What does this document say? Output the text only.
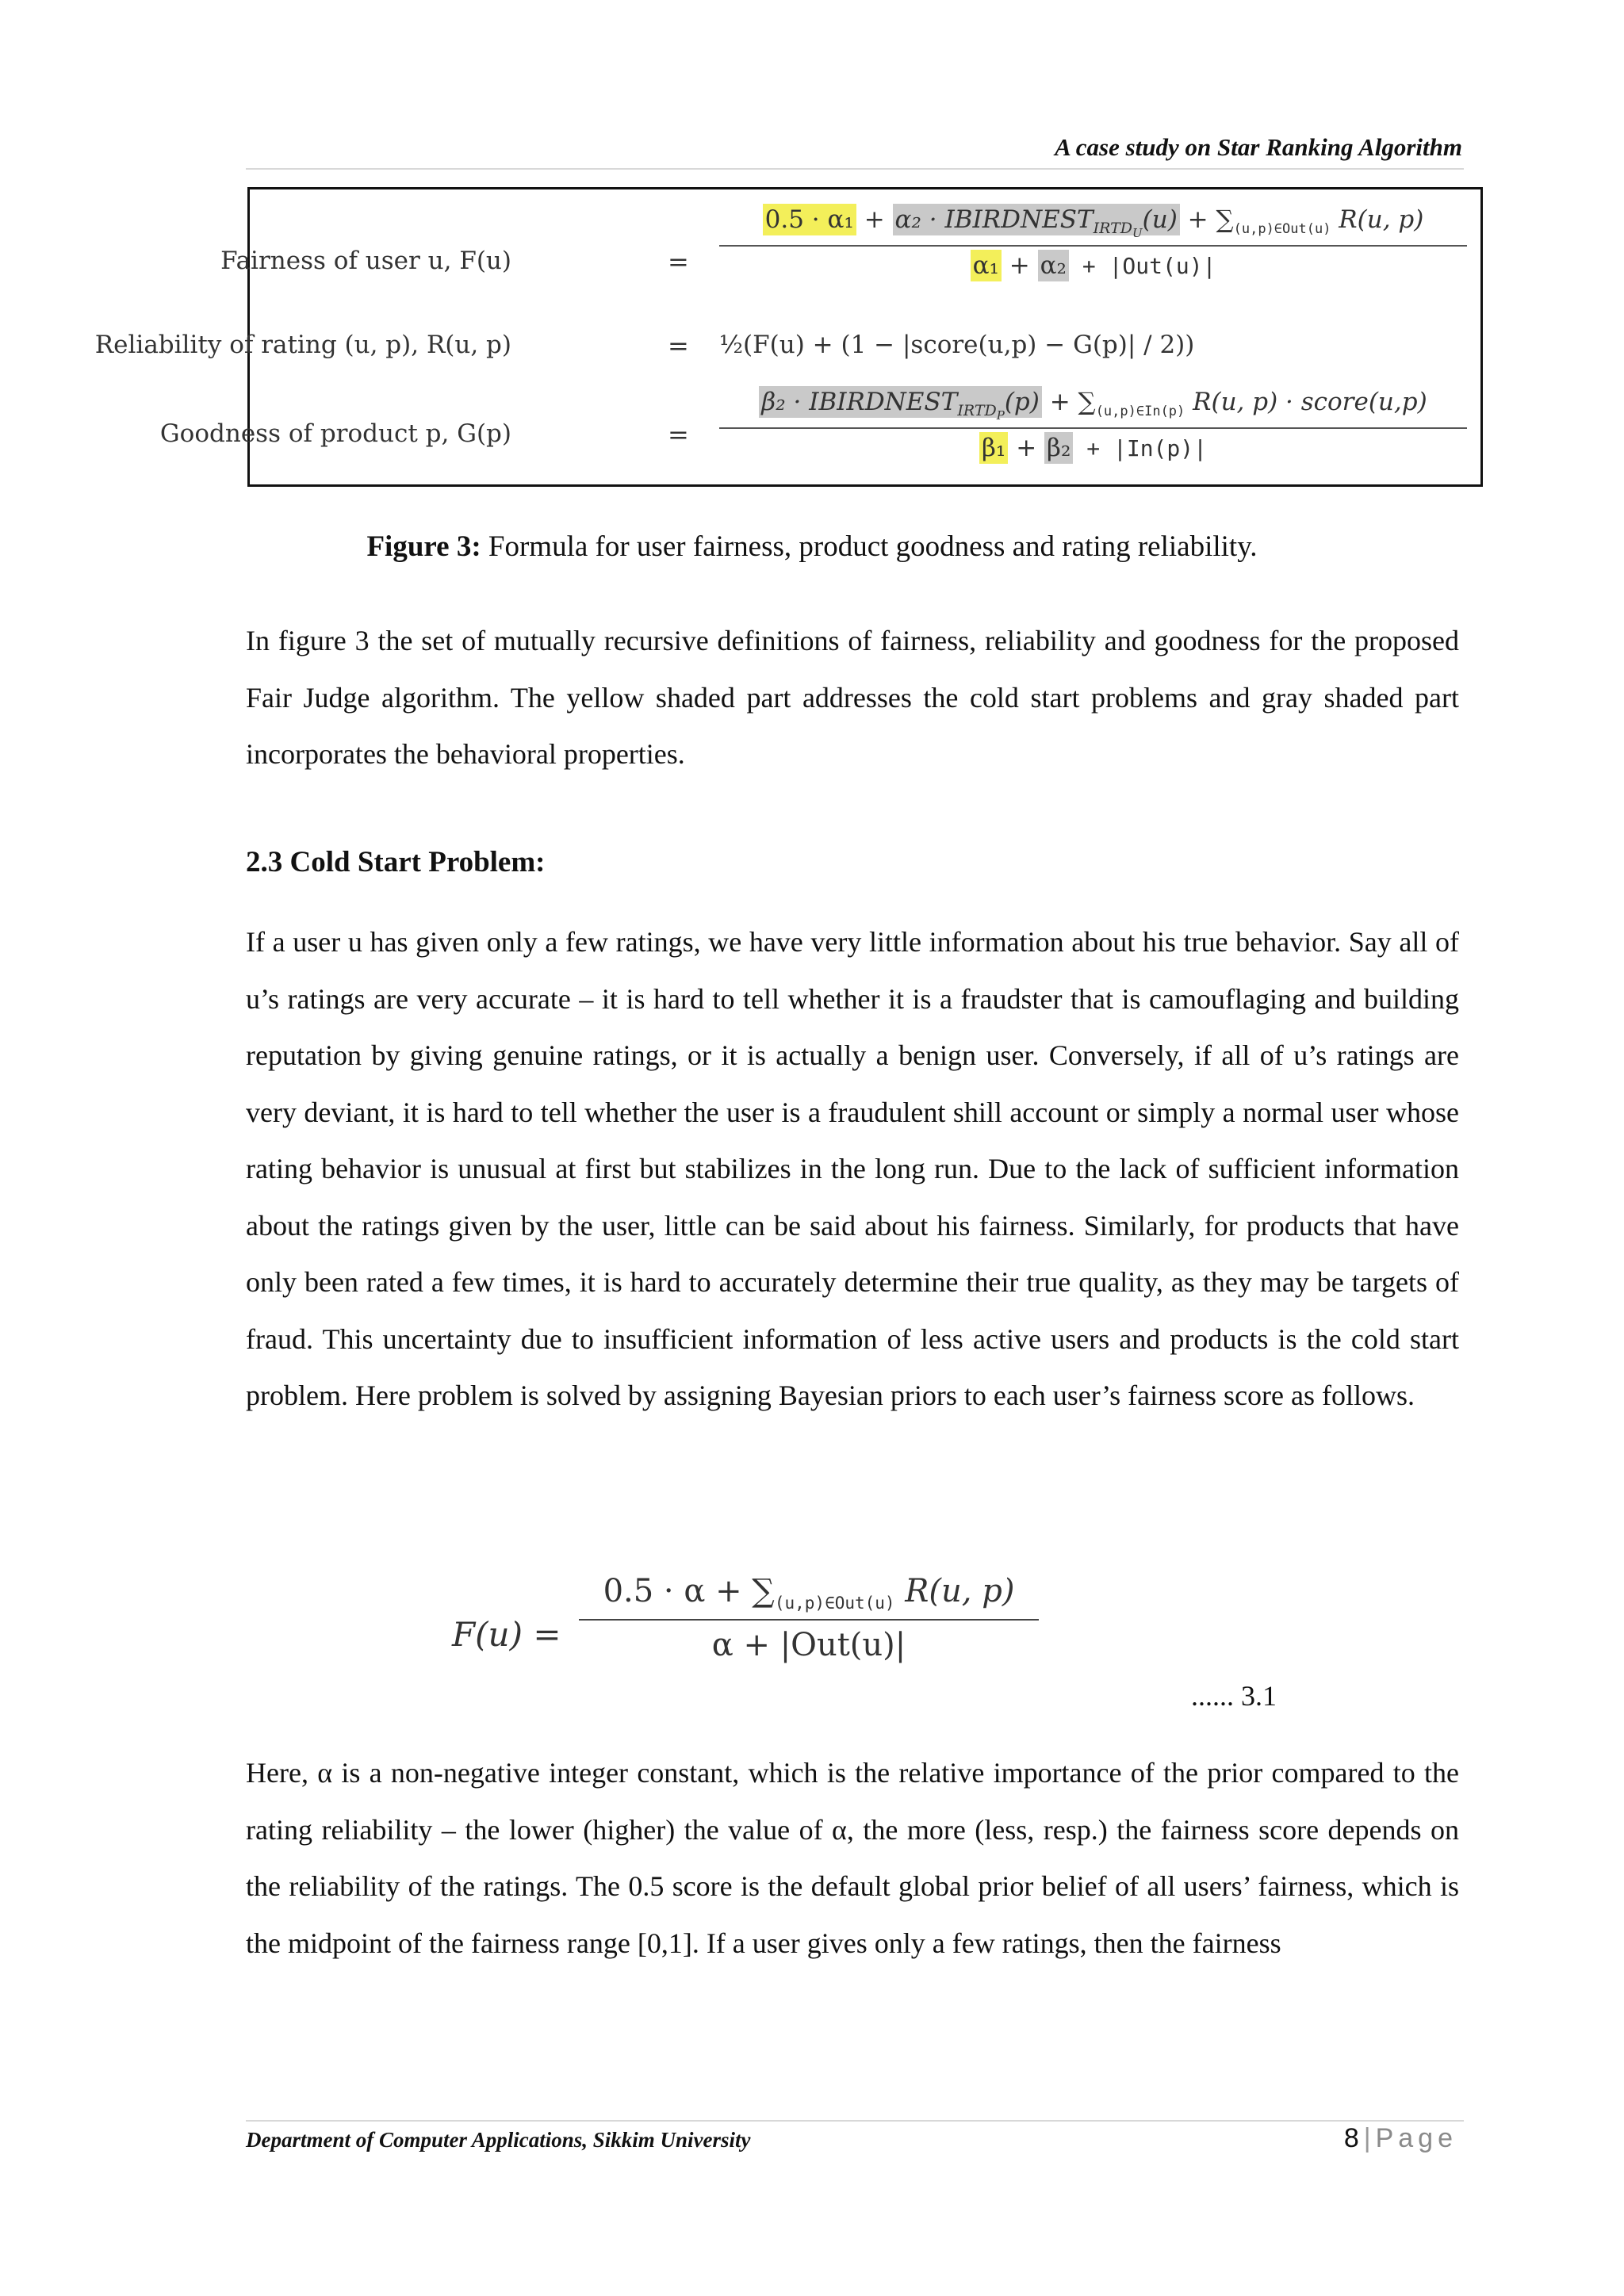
A case study on Star Ranking Algorithm
Fairness of user u, F(u)	=
$0.5 \cdot \alpha_1 + \alpha_2 \cdot IBIRDNEST_{IRTD_U}(u) + \sum_{(u,p)\in Out(u)}$ R(u, p)
α₁ + α₂ + |Out(u)|
Reliability of rating (u, p), R(u, p)	= ½(F(u) + (1 − |score(u,p) − G(p)| / 2))
Goodness of product p, G(p)	=
$\beta_2 \cdot IBIRDNEST_{IRTD_P}(p) + \sum_{(u,p)\in In(p)}$ R(u, p) · score(u,p)
β₁ + β₂ + |In(p)|
Figure 3: Formula for user fairness, product goodness and rating reliability.

In figure 3 the set of mutually recursive definitions of fairness, reliability and goodness for the proposed Fair Judge algorithm. The yellow shaded part addresses the cold start problems and gray shaded part incorporates the behavioral properties.

2.3 Cold Start Problem:

If a user u has given only a few ratings, we have very little information about his true behavior. Say all of u’s ratings are very accurate – it is hard to tell whether it is a fraudster that is camouflaging and building reputation by giving genuine ratings, or it is actually a benign user. Conversely, if all of u’s ratings are very deviant, it is hard to tell whether the user is a fraudulent shill account or simply a normal user whose rating behavior is unusual at first but stabilizes in the long run. Due to the lack of sufficient information about the ratings given by the user, little can be said about his fairness. Similarly, for products that have only been rated a few times, it is hard to accurately determine their true quality, as they may be targets of fraud. This uncertainty due to insufficient information of less active users and products is the cold start problem. Here problem is solved by assigning Bayesian priors to each user’s fairness score as follows.

F(u) =
$0.5 \cdot \alpha + \sum_{(u,p)\in Out(u)}$ R(u, p)
α + |Out(u)|
...... 3.1

Here, α is a non-negative integer constant, which is the relative importance of the prior compared to the rating reliability – the lower (higher) the value of α, the more (less, resp.) the fairness score depends on the reliability of the ratings. The 0.5 score is the default global prior belief of all users’ fairness, which is the midpoint of the fairness range [0,1]. If a user gives only a few ratings, then the fairness

Department of Computer Applications, Sikkim University	8 | Page
